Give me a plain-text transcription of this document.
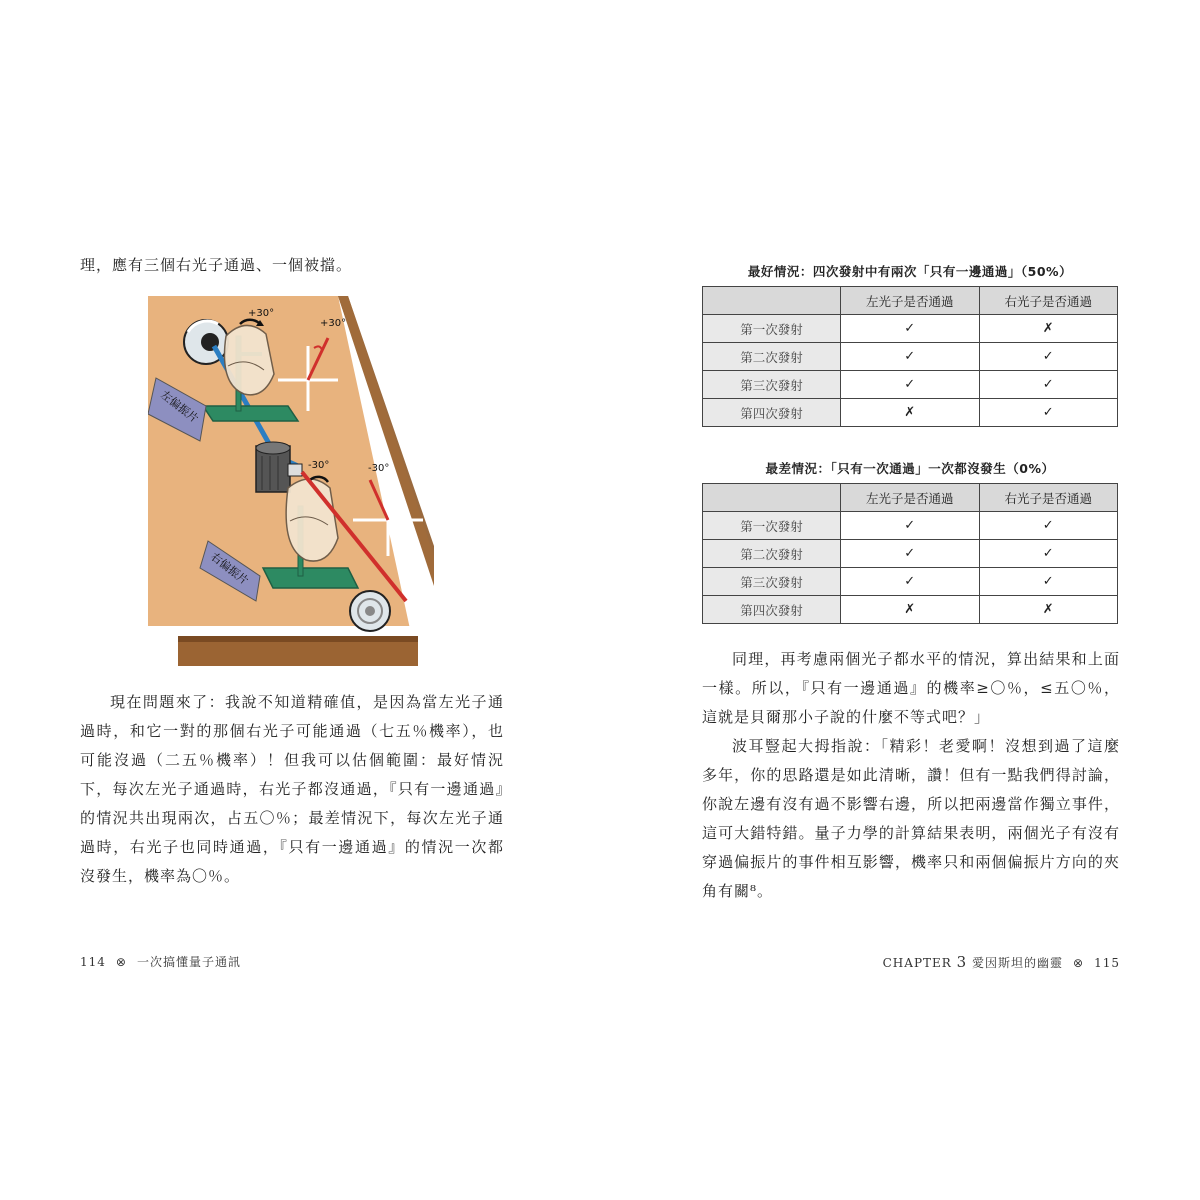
理，應有三個右光子通過、一個被擋。
+30°
+30°
左偏振片
-30°	-30°
右偏振片

現在問題來了：我說不知道精確值，是因為當左光子通過時，和它一對的那個右光子可能通過（七五％機率），也可能沒過（二五％機率）！但我可以估個範圍：最好情況下，每次左光子通過時，右光子都沒通過，『只有一邊通過』的情況共出現兩次，占五〇％；最差情況下，每次左光子通過時，右光子也同時通過，『只有一邊通過』的情況一次都沒發生，機率為〇％。

114 ⊗ 一次搞懂量子通訊
最好情況：四次發射中有兩次「只有一邊通過」（50%）
	左光子是否通過	右光子是否通過
第一次發射	✓	✗
第二次發射	✓	✓
第三次發射	✓	✓
第四次發射	✗	✓
最差情況：「只有一次通過」一次都沒發生（0%）
	左光子是否通過	右光子是否通過
第一次發射	✓	✓
第二次發射	✓	✓
第三次發射	✓	✓
第四次發射	✗	✗

同理，再考慮兩個光子都水平的情況，算出結果和上面一樣。所以，『只有一邊通過』的機率≥〇％，≤五〇％，這就是貝爾那小子說的什麼不等式吧？」

波耳豎起大拇指說：「精彩！老愛啊！沒想到過了這麼多年，你的思路還是如此清晰，讚！但有一點我們得討論，你說左邊有沒有過不影響右邊，所以把兩邊當作獨立事件，這可大錯特錯。量子力學的計算結果表明，兩個光子有沒有穿過偏振片的事件相互影響，機率只和兩個偏振片方向的夾角有關⁸。

CHAPTER 3 愛因斯坦的幽靈 ⊗ 115
